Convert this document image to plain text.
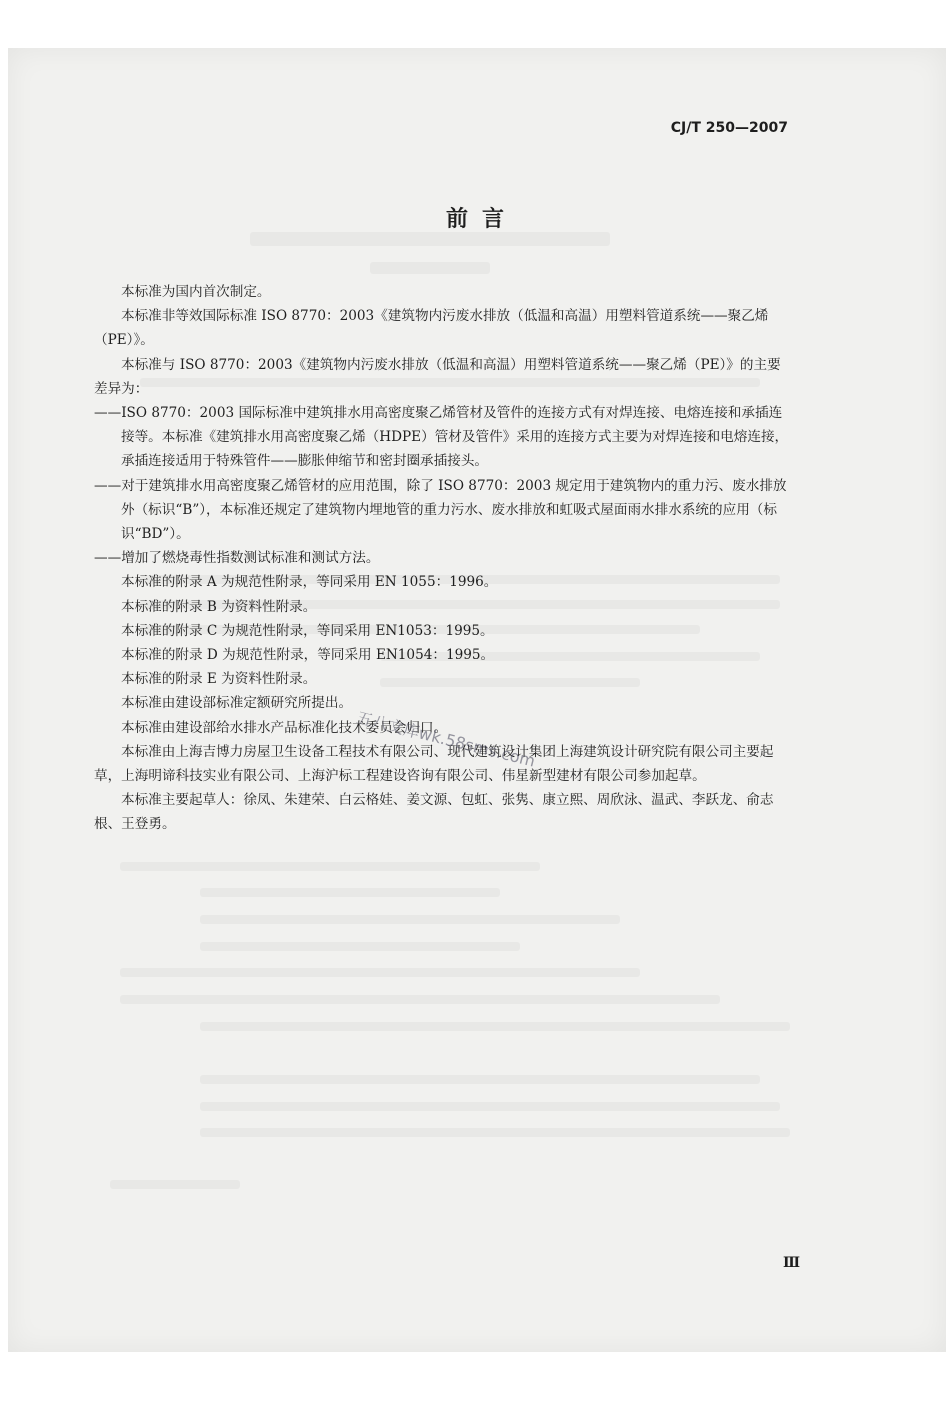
CJ/T 250—2007
前言

本标准为国内首次制定。

本标准非等效国际标准 ISO 8770：2003《建筑物内污废水排放（低温和高温）用塑料管道系统——聚乙烯（PE）》。

本标准与 ISO 8770：2003《建筑物内污废水排放（低温和高温）用塑料管道系统——聚乙烯（PE）》的主要差异为：

——ISO 8770：2003 国际标准中建筑排水用高密度聚乙烯管材及管件的连接方式有对焊连接、电熔连接和承插连接等。本标准《建筑排水用高密度聚乙烯（HDPE）管材及管件》采用的连接方式主要为对焊连接和电熔连接，承插连接适用于特殊管件——膨胀伸缩节和密封圈承插接头。

——对于建筑排水用高密度聚乙烯管材的应用范围，除了 ISO 8770：2003 规定用于建筑物内的重力污、废水排放外（标识“B”），本标准还规定了建筑物内埋地管的重力污水、废水排放和虹吸式屋面雨水排水系统的应用（标识“BD”）。

——增加了燃烧毒性指数测试标准和测试方法。

本标准的附录 A 为规范性附录，等同采用 EN 1055：1996。

本标准的附录 B 为资料性附录。

本标准的附录 C 为规范性附录，等同采用 EN1053：1995。

本标准的附录 D 为规范性附录，等同采用 EN1054：1995。

本标准的附录 E 为资料性附录。

本标准由建设部标准定额研究所提出。

本标准由建设部给水排水产品标准化技术委员会归口。

本标准由上海吉博力房屋卫生设备工程技术有限公司、现代建筑设计集团上海建筑设计研究院有限公司主要起草，上海明谛科技实业有限公司、上海沪标工程建设咨询有限公司、伟星新型建材有限公司参加起草。

本标准主要起草人：徐凤、朱建荣、白云格娃、姜文源、包虹、张隽、康立熙、周欣泳、温武、李跃龙、俞志根、王登勇。

五八文库wk.58sms.com
Ⅲ
